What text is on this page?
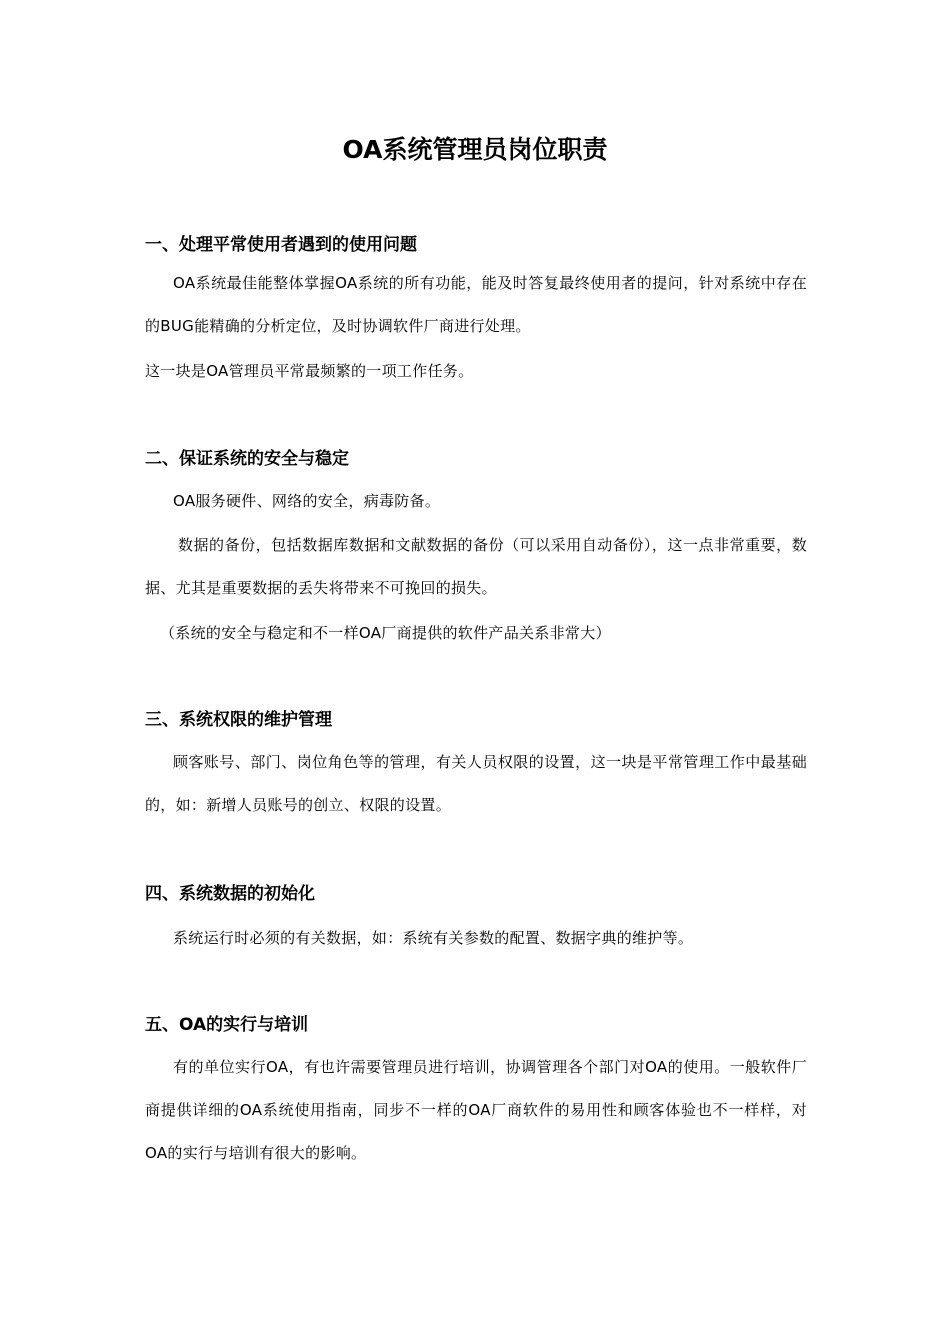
OA系统管理员岗位职责
一、处理平常使用者遇到的使用问题

OA系统最佳能整体掌握OA系统的所有功能，能及时答复最终使用者的提问，针对系统中存在的BUG能精确的分析定位，及时协调软件厂商进行处理。

这一块是OA管理员平常最频繁的一项工作任务。

二、保证系统的安全与稳定

OA服务硬件、网络的安全，病毒防备。

数据的备份，包括数据库数据和文献数据的备份（可以采用自动备份），这一点非常重要，数据、尤其是重要数据的丢失将带来不可挽回的损失。

（系统的安全与稳定和不一样OA厂商提供的软件产品关系非常大）

三、系统权限的维护管理

顾客账号、部门、岗位角色等的管理，有关人员权限的设置，这一块是平常管理工作中最基础的，如：新增人员账号的创立、权限的设置。

四、系统数据的初始化

系统运行时必须的有关数据，如：系统有关参数的配置、数据字典的维护等。

五、OA的实行与培训

有的单位实行OA，有也许需要管理员进行培训，协调管理各个部门对OA的使用。一般软件厂商提供详细的OA系统使用指南，同步不一样的OA厂商软件的易用性和顾客体验也不一样样，对OA的实行与培训有很大的影响。
